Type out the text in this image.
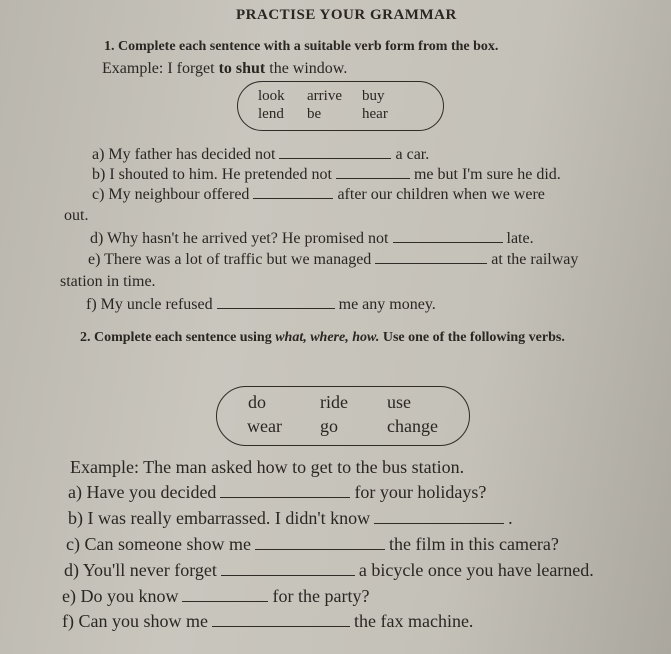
PRACTISE YOUR GRAMMAR
1. Complete each sentence with a suitable verb form from the box.
Example: I forget to shut the window.
look arrive buy
lend be	hear
a) My father has decided not	a car.
b) I shouted to him. He pretended not	me but I'm sure he did.
c) My neighbour offered	after our children when we were
out.
d) Why hasn't he arrived yet? He promised not	late.
e) There was a lot of traffic but we managed	at the railway
station in time.
f) My uncle refused	me any money.
2. Complete each sentence using what, where, how. Use one of the following verbs.
do	ride use
wear go	change
Example: The man asked how to get to the bus station.
a) Have you decided	for your holidays?
b) I was really embarrassed. I didn't know	.
c) Can someone show me	the film in this camera?
d) You'll never forget	a bicycle once you have learned.
e) Do you know	for the party?
f) Can you show me	the fax machine.
